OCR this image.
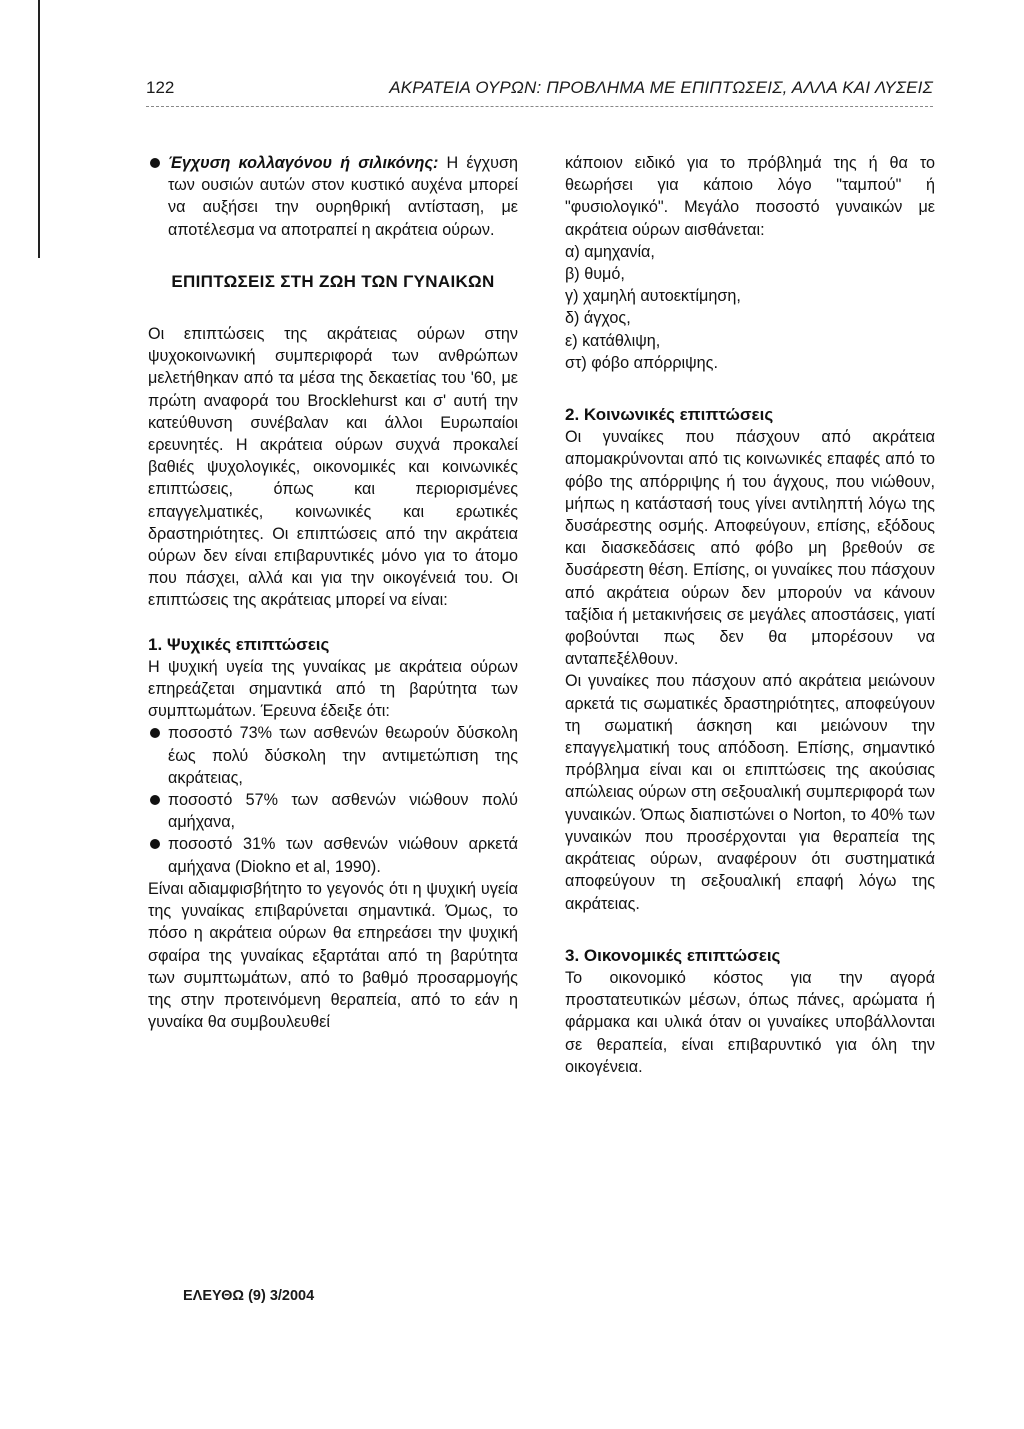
122	ΑΚΡΑΤΕΙΑ ΟΥΡΩΝ: ΠΡΟΒΛΗΜΑ ΜΕ ΕΠΙΠΤΩΣΕΙΣ, ΑΛΛΑ ΚΑΙ ΛΥΣΕΙΣ
Έγχυση κολλαγόνου ή σιλικόνης: Η έγχυση των ουσιών αυτών στον κυστικό αυχένα μπορεί να αυξήσει την ουρηθρική αντίσταση, με αποτέλεσμα να αποτραπεί η ακράτεια ούρων.

ΕΠΙΠΤΩΣΕΙΣ ΣΤΗ ΖΩΗ ΤΩΝ ΓΥΝΑΙΚΩΝ

Οι επιπτώσεις της ακράτειας ούρων στην ψυχοκοινωνική συμπεριφορά των ανθρώπων μελετήθηκαν από τα μέσα της δεκαετίας του '60, με πρώτη αναφορά του Brocklehurst και σ' αυτή την κατεύθυνση συνέβαλαν και άλλοι Ευρωπαίοι ερευνητές. Η ακράτεια ούρων συχνά προκαλεί βαθιές ψυχολογικές, οικονομικές και κοινωνικές επιπτώσεις, όπως και περιορισμένες επαγγελματικές, κοινωνικές και ερωτικές δραστηριότητες. Οι επιπτώσεις από την ακράτεια ούρων δεν είναι επιβαρυντικές μόνο για το άτομο που πάσχει, αλλά και για την οικογένειά του. Οι επιπτώσεις της ακράτειας μπορεί να είναι:

1. Ψυχικές επιπτώσεις

Η ψυχική υγεία της γυναίκας με ακράτεια ούρων επηρεάζεται σημαντικά από τη βαρύτητα των συμπτωμάτων. Έρευνα έδειξε ότι:

ποσοστό 73% των ασθενών θεωρούν δύσκολη έως πολύ δύσκολη την αντιμετώπιση της ακράτειας,
ποσοστό 57% των ασθενών νιώθουν πολύ αμήχανα,
ποσοστό 31% των ασθενών νιώθουν αρκετά αμήχανα (Diokno et al, 1990).

Είναι αδιαμφισβήτητο το γεγονός ότι η ψυχική υγεία της γυναίκας επιβαρύνεται σημαντικά. Όμως, το πόσο η ακράτεια ούρων θα επηρεάσει την ψυχική σφαίρα της γυναίκας εξαρτάται από τη βαρύτητα των συμπτωμάτων, από το βαθμό προσαρμογής της στην προτεινόμενη θεραπεία, από το εάν η γυναίκα θα συμβουλευθεί

κάποιον ειδικό για το πρόβλημά της ή θα το θεωρήσει για κάποιο λόγο "ταμπού" ή "φυσιολογικό". Μεγάλο ποσοστό γυναικών με ακράτεια ούρων αισθάνεται:

α) αμηχανία,

β) θυμό,

γ) χαμηλή αυτοεκτίμηση,

δ) άγχος,

ε) κατάθλιψη,

στ) φόβο απόρριψης.

2. Κοινωνικές επιπτώσεις

Οι γυναίκες που πάσχουν από ακράτεια απομακρύνονται από τις κοινωνικές επαφές από το φόβο της απόρριψης ή του άγχους, που νιώθουν, μήπως η κατάστασή τους γίνει αντιληπτή λόγω της δυσάρεστης οσμής. Αποφεύγουν, επίσης, εξόδους και διασκεδάσεις από φόβο μη βρεθούν σε δυσάρεστη θέση. Επίσης, οι γυναίκες που πάσχουν από ακράτεια ούρων δεν μπορούν να κάνουν ταξίδια ή μετακινήσεις σε μεγάλες αποστάσεις, γιατί φοβούνται πως δεν θα μπορέσουν να ανταπεξέλθουν.

Οι γυναίκες που πάσχουν από ακράτεια μειώνουν αρκετά τις σωματικές δραστηριότητες, αποφεύγουν τη σωματική άσκηση και μειώνουν την επαγγελματική τους απόδοση. Επίσης, σημαντικό πρόβλημα είναι και οι επιπτώσεις της ακούσιας απώλειας ούρων στη σεξουαλική συμπεριφορά των γυναικών. Όπως διαπιστώνει ο Norton, το 40% των γυναικών που προσέρχονται για θεραπεία της ακράτειας ούρων, αναφέρουν ότι συστηματικά αποφεύγουν τη σεξουαλική επαφή λόγω της ακράτειας.

3. Οικονομικές επιπτώσεις

Το οικονομικό κόστος για την αγορά προστατευτικών μέσων, όπως πάνες, αρώματα ή φάρμακα και υλικά όταν οι γυναίκες υποβάλλονται σε θεραπεία, είναι επιβαρυντικό για όλη την οικογένεια.

ΕΛΕΥΘΩ (9) 3/2004
